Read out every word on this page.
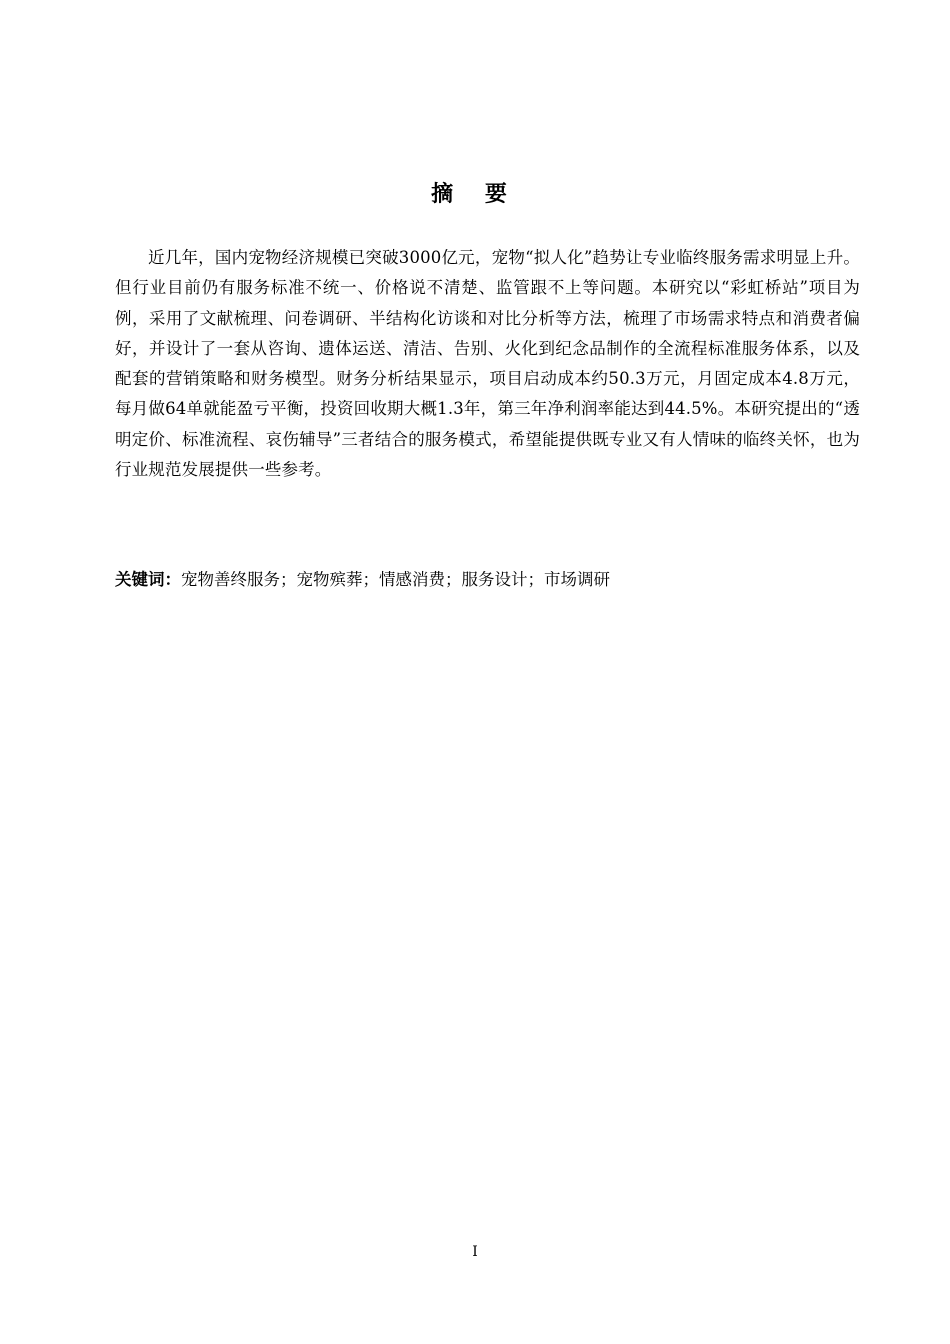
摘 要

近几年，国内宠物经济规模已突破3000亿元，宠物“拟人化”趋势让专业临终服务需求明显上升。但行业目前仍有服务标准不统一、价格说不清楚、监管跟不上等问题。本研究以“彩虹桥站”项目为例，采用了文献梳理、问卷调研、半结构化访谈和对比分析等方法，梳理了市场需求特点和消费者偏好，并设计了一套从咨询、遗体运送、清洁、告别、火化到纪念品制作的全流程标准服务体系，以及配套的营销策略和财务模型。财务分析结果显示，项目启动成本约50.3万元，月固定成本4.8万元，每月做64单就能盈亏平衡，投资回收期大概1.3年，第三年净利润率能达到44.5%。本研究提出的“透明定价、标准流程、哀伤辅导”三者结合的服务模式，希望能提供既专业又有人情味的临终关怀，也为行业规范发展提供一些参考。

关键词：宠物善终服务；宠物殡葬；情感消费；服务设计；市场调研
I
